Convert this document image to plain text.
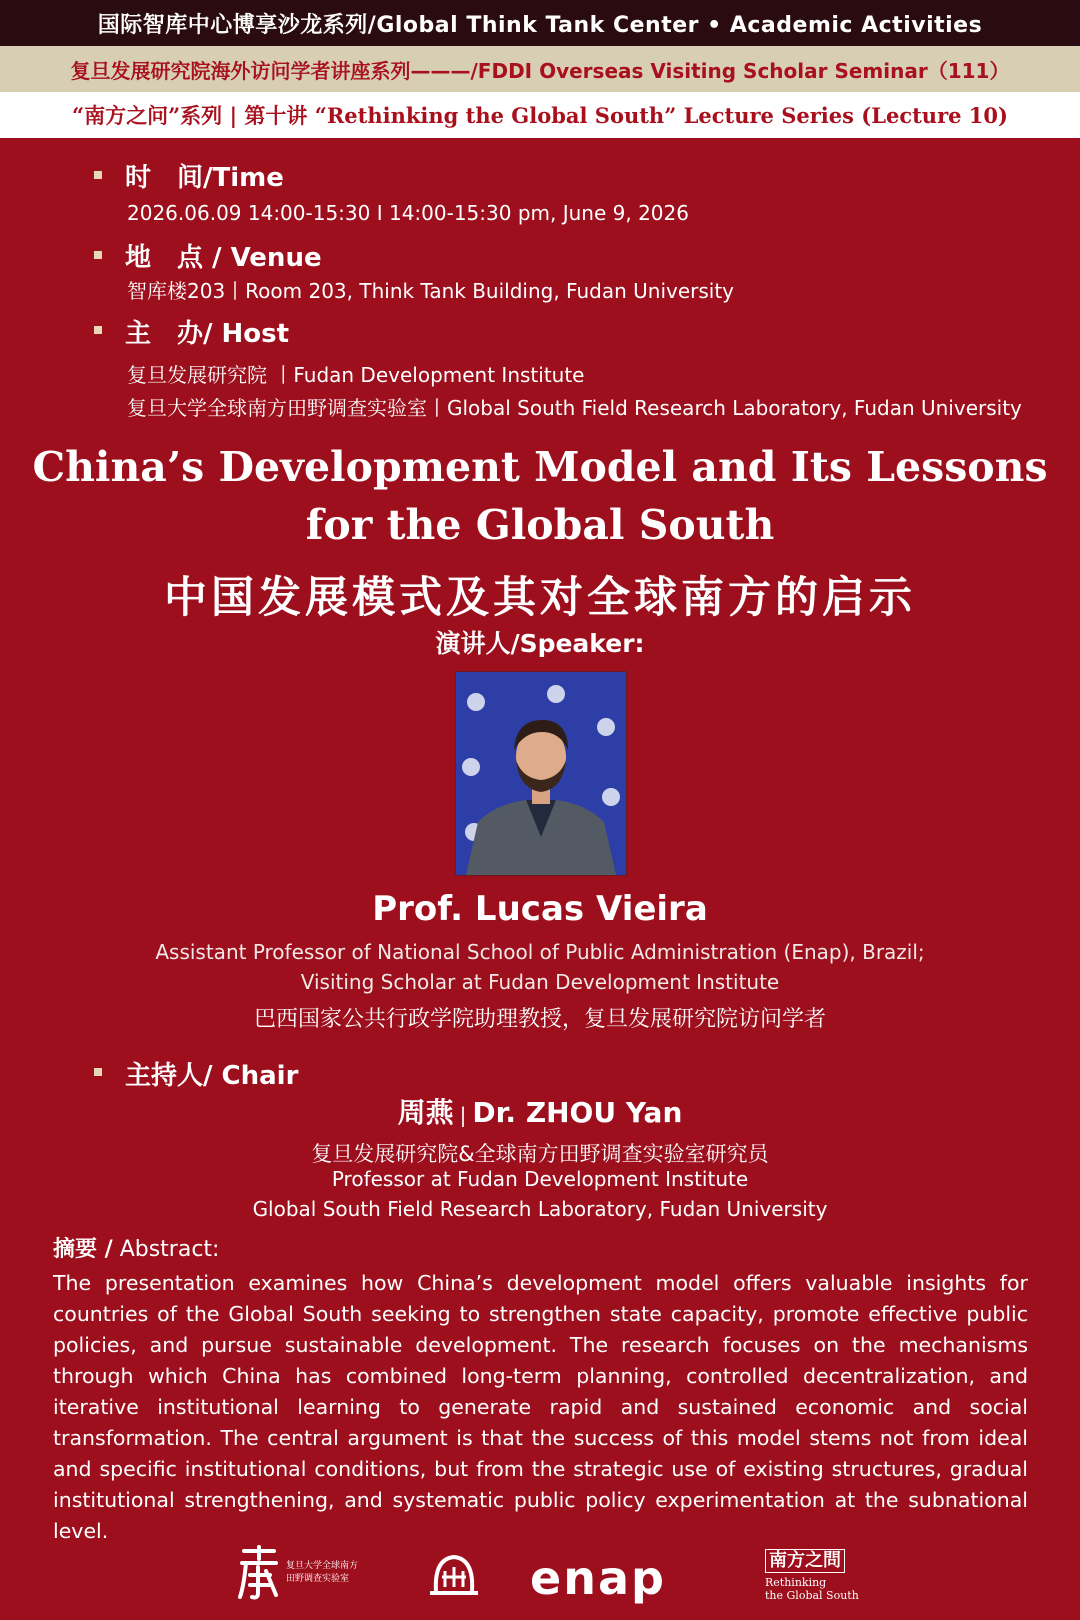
国际智库中心博享沙龙系列/Global Think Tank Center • Academic Activities
复旦发展研究院海外访问学者讲座系列———/FDDI Overseas Visiting Scholar Seminar（111）
“南方之问”系列 | 第十讲 “Rethinking the Global South” Lecture Series (Lecture 10)
时　间/Time
2026.06.09 14:00-15:30 I 14:00-15:30 pm, June 9, 2026
地　点 / Venue
智库楼203丨Room 203, Think Tank Building, Fudan University
主　办/ Host
复旦发展研究院 丨Fudan Development Institute
复旦大学全球南方田野调查实验室丨Global South Field Research Laboratory, Fudan University
China’s Development Model and Its Lessons
for the Global South
中国发展模式及其对全球南方的启示
演讲人/Speaker:
Prof. Lucas Vieira
Assistant Professor of National School of Public Administration (Enap), Brazil;
Visiting Scholar at Fudan Development Institute
巴西国家公共行政学院助理教授，复旦发展研究院访问学者
主持人/ Chair
周燕 | Dr. ZHOU Yan
复旦发展研究院&全球南方田野调查实验室研究员
Professor at Fudan Development Institute
Global South Field Research Laboratory, Fudan University
摘要 / Abstract:

The presentation examines how China’s development model offers valuable insights for countries of the Global South seeking to strengthen state capacity, promote effective public policies, and pursue sustainable development. The research focuses on the mechanisms through which China has combined long-term planning, controlled decentralization, and iterative institutional learning to generate rapid and sustained economic and social transformation. The central argument is that the success of this model stems not from ideal and specific institutional conditions, but from the strategic use of existing structures, gradual institutional strengthening, and systematic public policy experimentation at the subnational level.

复旦大学全球南方
田野调查实验室	enap	南方之問
Rethinking
the Global South
